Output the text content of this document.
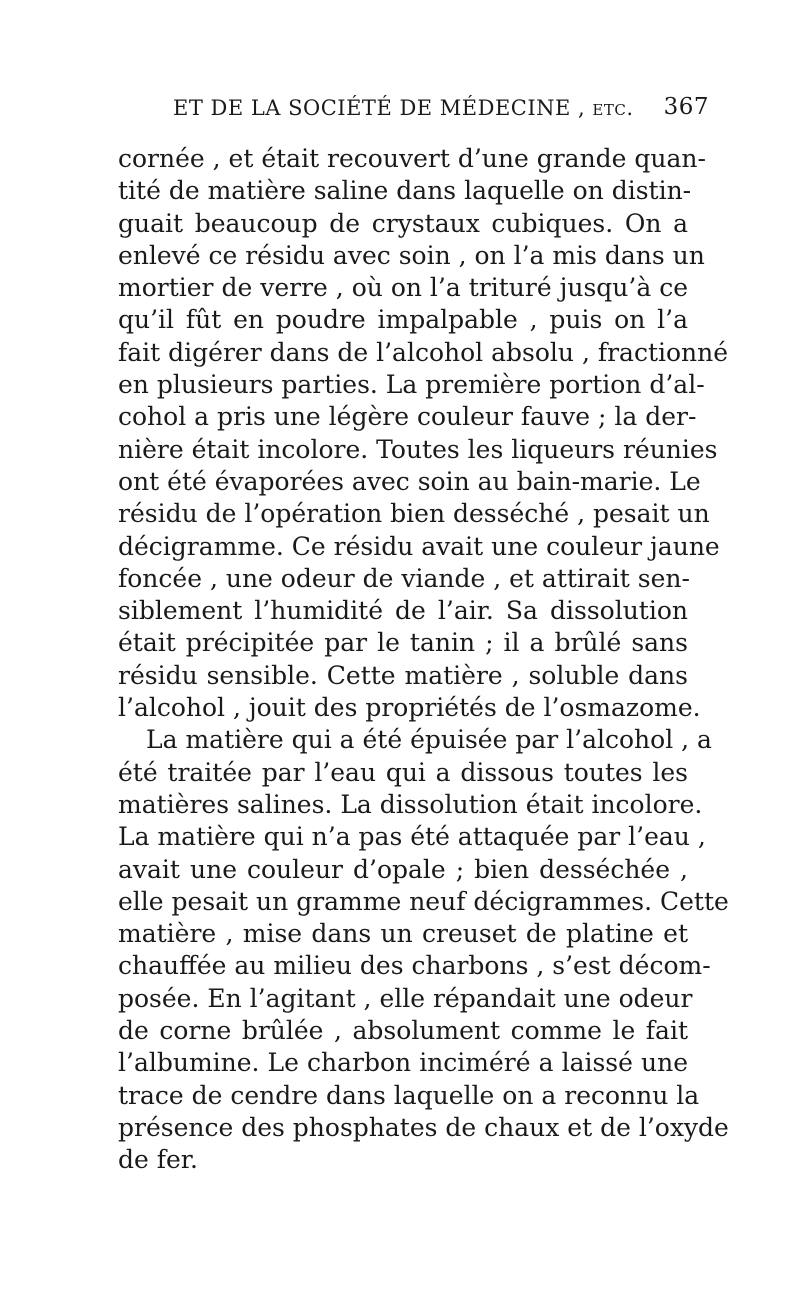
ET DE LA SOCIÉTÉ DE MÉDECINE , etc. 367
cornée , et était recouvert d’une grande quan-
tité de matière saline dans laquelle on distin-
guait beaucoup de crystaux cubiques. On a
enlevé ce résidu avec soin , on l’a mis dans un
mortier de verre , où on l’a trituré jusqu’à ce
qu’il fût en poudre impalpable , puis on l’a
fait digérer dans de l’alcohol absolu , fractionné
en plusieurs parties. La première portion d’al-
cohol a pris une légère couleur fauve ; la der-
nière était incolore. Toutes les liqueurs réunies
ont été évaporées avec soin au bain-marie. Le
résidu de l’opération bien desséché , pesait un
décigramme. Ce résidu avait une couleur jaune
foncée , une odeur de viande , et attirait sen-
siblement l’humidité de l’air. Sa dissolution
était précipitée par le tanin ; il a brûlé sans
résidu sensible. Cette matière , soluble dans
l’alcohol , jouit des propriétés de l’osmazome.
La matière qui a été épuisée par l’alcohol , a
été traitée par l’eau qui a dissous toutes les
matières salines. La dissolution était incolore.
La matière qui n’a pas été attaquée par l’eau ,
avait une couleur d’opale ; bien desséchée ,
elle pesait un gramme neuf décigrammes. Cette
matière , mise dans un creuset de platine et
chauffée au milieu des charbons , s’est décom-
posée. En l’agitant , elle répandait une odeur
de corne brûlée , absolument comme le fait
l’albumine. Le charbon inciméré a laissé une
trace de cendre dans laquelle on a reconnu la
présence des phosphates de chaux et de l’oxyde
de fer.
